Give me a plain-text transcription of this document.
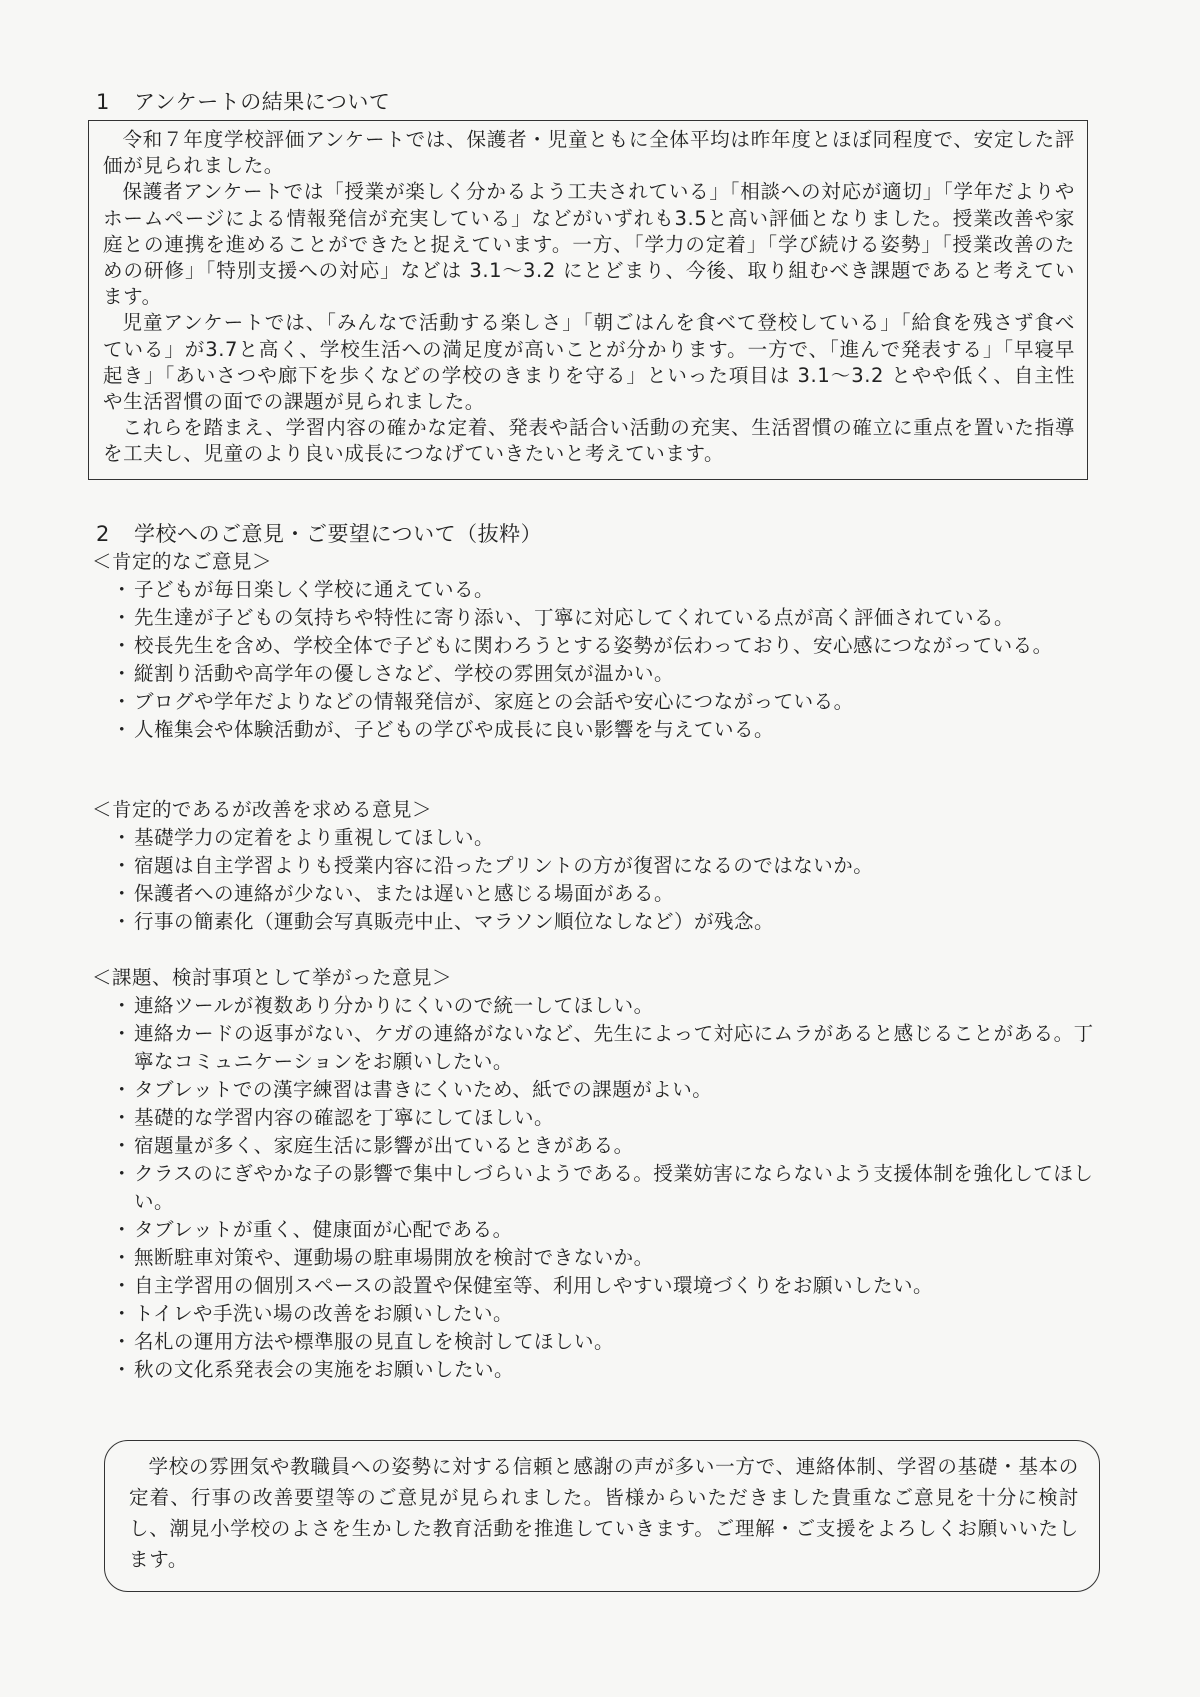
1 アンケートの結果について

令和７年度学校評価アンケートでは、保護者・児童ともに全体平均は昨年度とほぼ同程度で、安定した評価が見られました。

保護者アンケートでは「授業が楽しく分かるよう工夫されている」「相談への対応が適切」「学年だよりやホームページによる情報発信が充実している」などがいずれも3.5と高い評価となりました。授業改善や家庭との連携を進めることができたと捉えています。一方、「学力の定着」「学び続ける姿勢」「授業改善のための研修」「特別支援への対応」などは 3.1～3.2 にとどまり、今後、取り組むべき課題であると考えています。

児童アンケートでは、「みんなで活動する楽しさ」「朝ごはんを食べて登校している」「給食を残さず食べている」が3.7と高く、学校生活への満足度が高いことが分かります。一方で、「進んで発表する」「早寝早起き」「あいさつや廊下を歩くなどの学校のきまりを守る」といった項目は 3.1～3.2 とやや低く、自主性や生活習慣の面での課題が見られました。

これらを踏まえ、学習内容の確かな定着、発表や話合い活動の充実、生活習慣の確立に重点を置いた指導を工夫し、児童のより良い成長につなげていきたいと考えています。

2 学校へのご意見・ご要望について（抜粋）
＜肯定的なご意見＞
・ 子どもが毎日楽しく学校に通えている。
・ 先生達が子どもの気持ちや特性に寄り添い、丁寧に対応してくれている点が高く評価されている。
・ 校長先生を含め、学校全体で子どもに関わろうとする姿勢が伝わっており、安心感につながっている。
・ 縦割り活動や高学年の優しさなど、学校の雰囲気が温かい。
・ ブログや学年だよりなどの情報発信が、家庭との会話や安心につながっている。
・ 人権集会や体験活動が、子どもの学びや成長に良い影響を与えている。
＜肯定的であるが改善を求める意見＞
・ 基礎学力の定着をより重視してほしい。
・ 宿題は自主学習よりも授業内容に沿ったプリントの方が復習になるのではないか。
・ 保護者への連絡が少ない、または遅いと感じる場面がある。
・ 行事の簡素化（運動会写真販売中止、マラソン順位なしなど）が残念。
＜課題、検討事項として挙がった意見＞
・ 連絡ツールが複数あり分かりにくいので統一してほしい。
・ 連絡カードの返事がない、ケガの連絡がないなど、先生によって対応にムラがあると感じることがある。丁寧なコミュニケーションをお願いしたい。
・ タブレットでの漢字練習は書きにくいため、紙での課題がよい。
・ 基礎的な学習内容の確認を丁寧にしてほしい。
・ 宿題量が多く、家庭生活に影響が出ているときがある。
・ クラスのにぎやかな子の影響で集中しづらいようである。授業妨害にならないよう支援体制を強化してほしい。
・ タブレットが重く、健康面が心配である。
・ 無断駐車対策や、運動場の駐車場開放を検討できないか。
・ 自主学習用の個別スペースの設置や保健室等、利用しやすい環境づくりをお願いしたい。
・ トイレや手洗い場の改善をお願いしたい。
・ 名札の運用方法や標準服の見直しを検討してほしい。
・ 秋の文化系発表会の実施をお願いしたい。

学校の雰囲気や教職員への姿勢に対する信頼と感謝の声が多い一方で、連絡体制、学習の基礎・基本の定着、行事の改善要望等のご意見が見られました。皆様からいただきました貴重なご意見を十分に検討し、潮見小学校のよさを生かした教育活動を推進していきます。ご理解・ご支援をよろしくお願いいたします。
